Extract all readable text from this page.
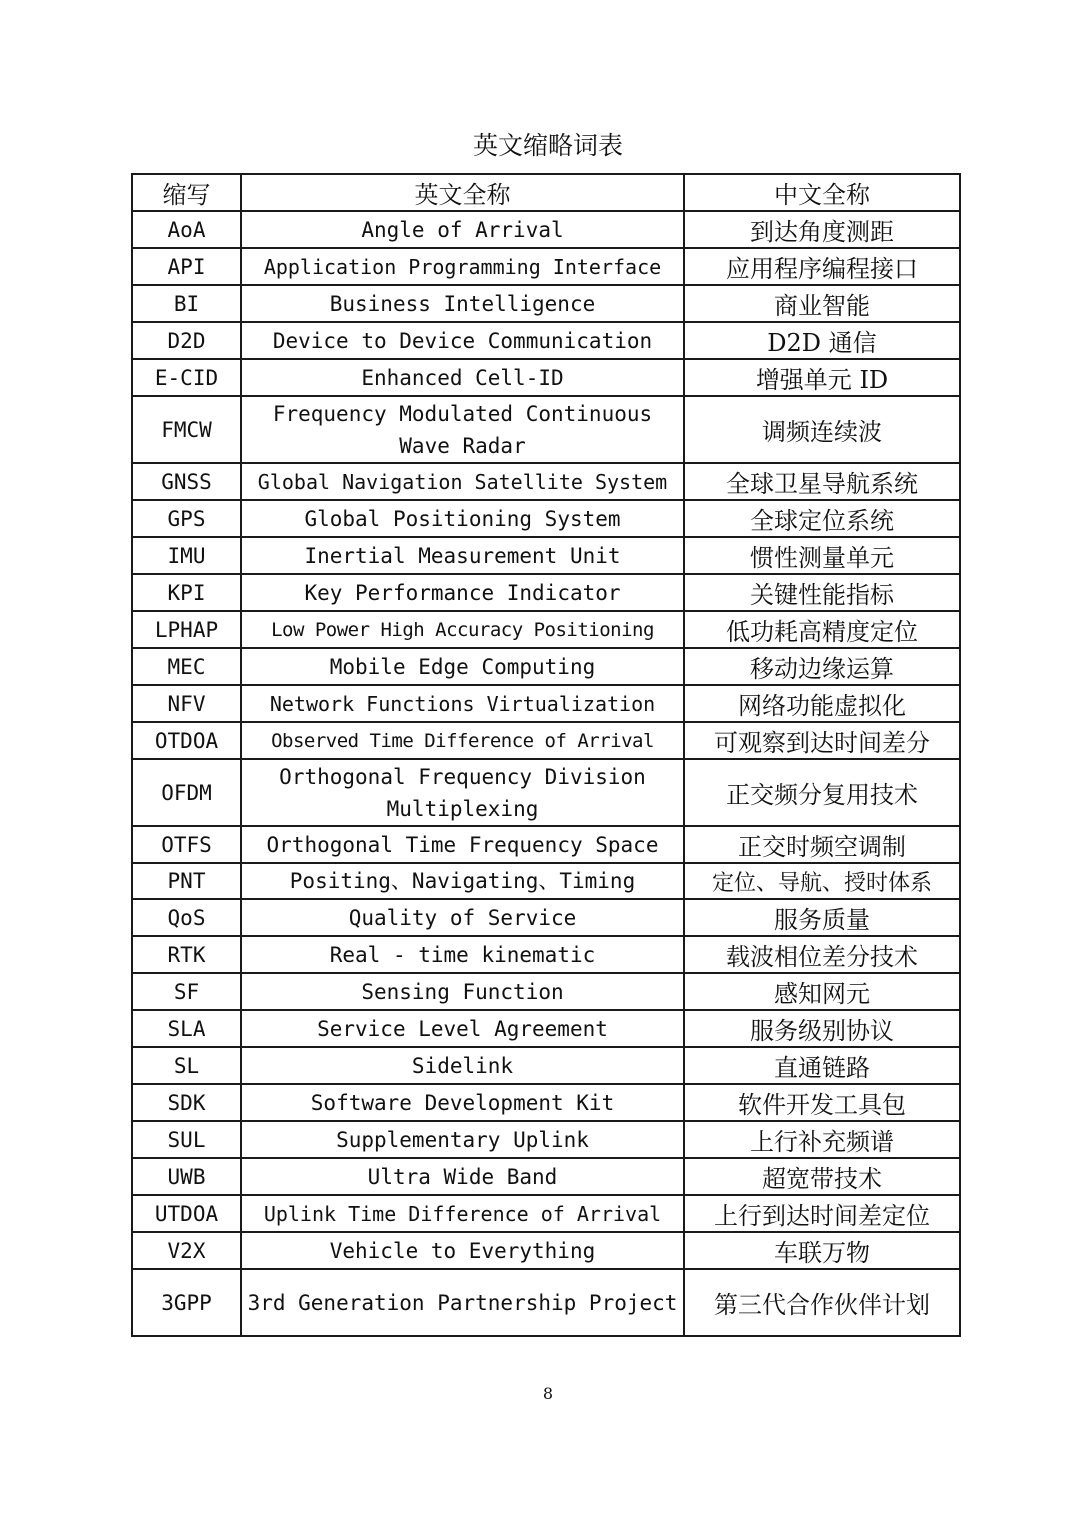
英文缩略词表
缩写	英文全称	中文全称
AoA	Angle of Arrival	到达角度测距
API	Application Programming Interface	应用程序编程接口
BI	Business Intelligence	商业智能
D2D	Device to Device Communication	D2D 通信
E-CID	Enhanced Cell-ID	增强单元 ID
FMCW	Frequency Modulated Continuous Wave Radar	调频连续波
GNSS	Global Navigation Satellite System	全球卫星导航系统
GPS	Global Positioning System	全球定位系统
IMU	Inertial Measurement Unit	惯性测量单元
KPI	Key Performance Indicator	关键性能指标
LPHAP	Low Power High Accuracy Positioning	低功耗高精度定位
MEC	Mobile Edge Computing	移动边缘运算
NFV	Network Functions Virtualization	网络功能虚拟化
OTDOA	Observed Time Difference of Arrival	可观察到达时间差分
OFDM	Orthogonal Frequency Division Multiplexing	正交频分复用技术
OTFS	Orthogonal Time Frequency Space	正交时频空调制
PNT	Positing、Navigating、Timing	定位、导航、授时体系
QoS	Quality of Service	服务质量
RTK	Real - time kinematic	载波相位差分技术
SF	Sensing Function	感知网元
SLA	Service Level Agreement	服务级别协议
SL	Sidelink	直通链路
SDK	Software Development Kit	软件开发工具包
SUL	Supplementary Uplink	上行补充频谱
UWB	Ultra Wide Band	超宽带技术
UTDOA	Uplink Time Difference of Arrival	上行到达时间差定位
V2X	Vehicle to Everything	车联万物
3GPP	3rd Generation Partnership Project	第三代合作伙伴计划
8
